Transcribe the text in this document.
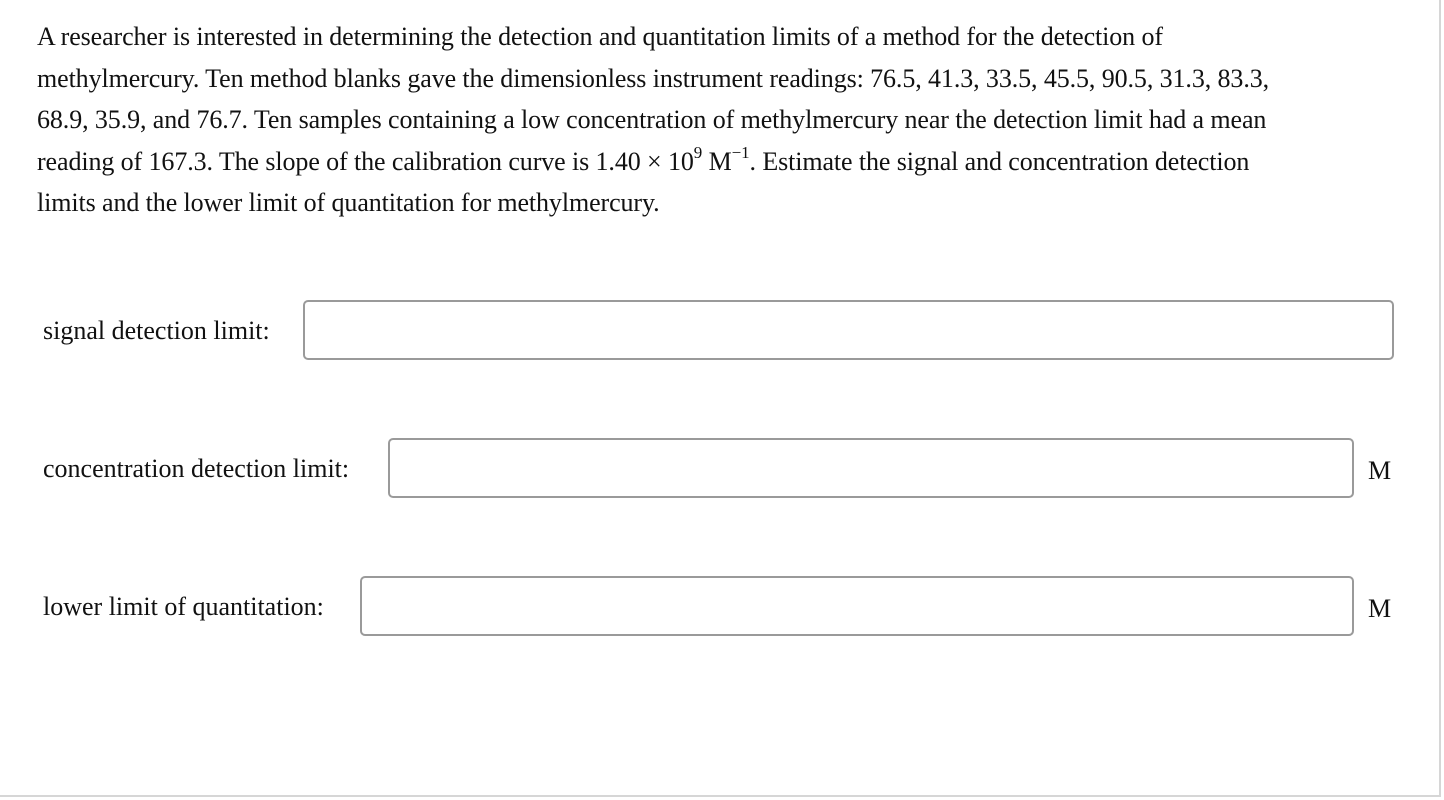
A researcher is interested in determining the detection and quantitation limits of a method for the detection of
methylmercury. Ten method blanks gave the dimensionless instrument readings: 76.5, 41.3, 33.5, 45.5, 90.5, 31.3, 83.3,
68.9, 35.9, and 76.7. Ten samples containing a low concentration of methylmercury near the detection limit had a mean
reading of 167.3. The slope of the calibration curve is $1.40 \times 10^9$ $M^{-1}$. Estimate the signal and concentration detection
limits and the lower limit of quantitation for methylmercury.
signal detection limit:
concentration detection limit:	M
lower limit of quantitation:	M
